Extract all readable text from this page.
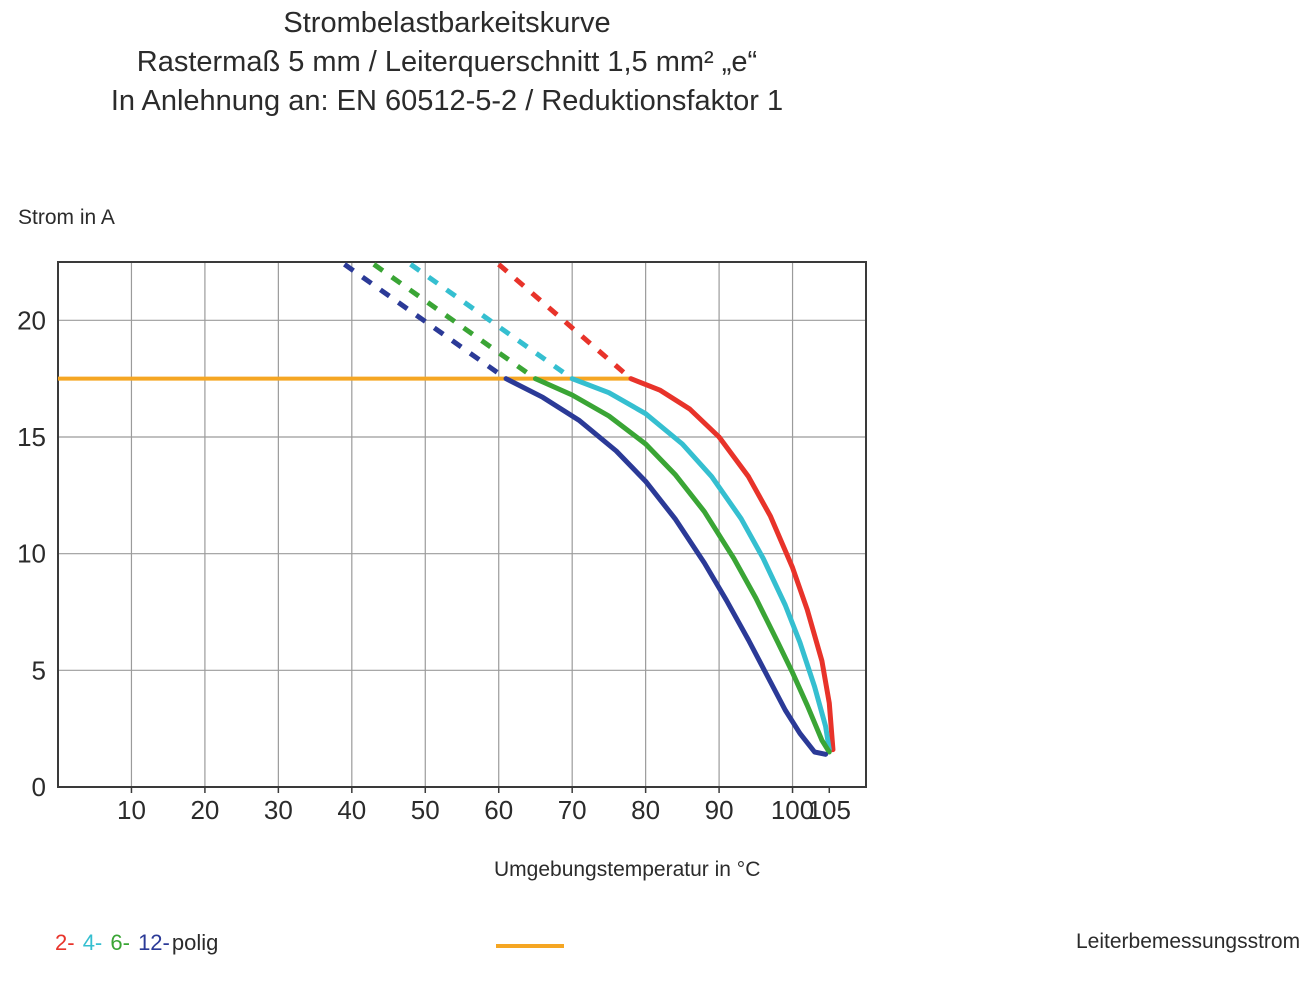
Strombelastbarkeitskurve
Rastermaß 5 mm / Leiterquerschnitt 1,5 mm² „e“
In Anlehnung an: EN 60512-5-2 / Reduktionsfaktor 1
Strom in A
Umgebungstemperatur in °C
0
5
10
15
20
10 20 30 40 50 60 70 80 90 100
105
2- 4- 6- 12-polig	Leiterbemessungsstrom
